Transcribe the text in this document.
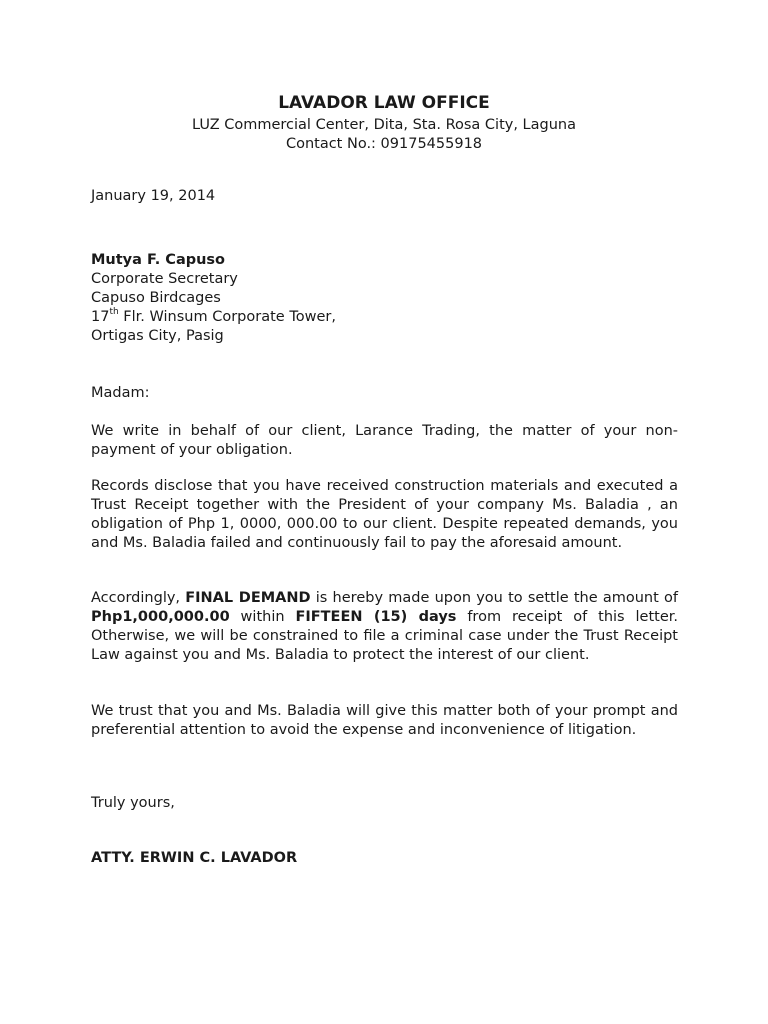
LAVADOR LAW OFFICE
LUZ Commercial Center, Dita, Sta. Rosa City, Laguna
Contact No.: 09175455918
January 19, 2014
Mutya F. Capuso
Corporate Secretary
Capuso Birdcages
17th Flr. Winsum Corporate Tower,
Ortigas City, Pasig
Madam:
We write in behalf of our client, Larance Trading, the matter of your non-payment of your obligation.
Records disclose that you have received construction materials and executed a Trust Receipt together with the President of your company Ms. Baladia , an obligation of Php 1, 0000, 000.00 to our client. Despite repeated demands, you and Ms. Baladia failed and continuously fail to pay the aforesaid amount.
Accordingly, FINAL DEMAND is hereby made upon you to settle the amount of Php1,000,000.00 within FIFTEEN (15) days from receipt of this letter. Otherwise, we will be constrained to file a criminal case under the Trust Receipt Law against you and Ms. Baladia to protect the interest of our client.
We trust that you and Ms. Baladia will give this matter both of your prompt and preferential attention to avoid the expense and inconvenience of litigation.
Truly yours,
ATTY. ERWIN C. LAVADOR
